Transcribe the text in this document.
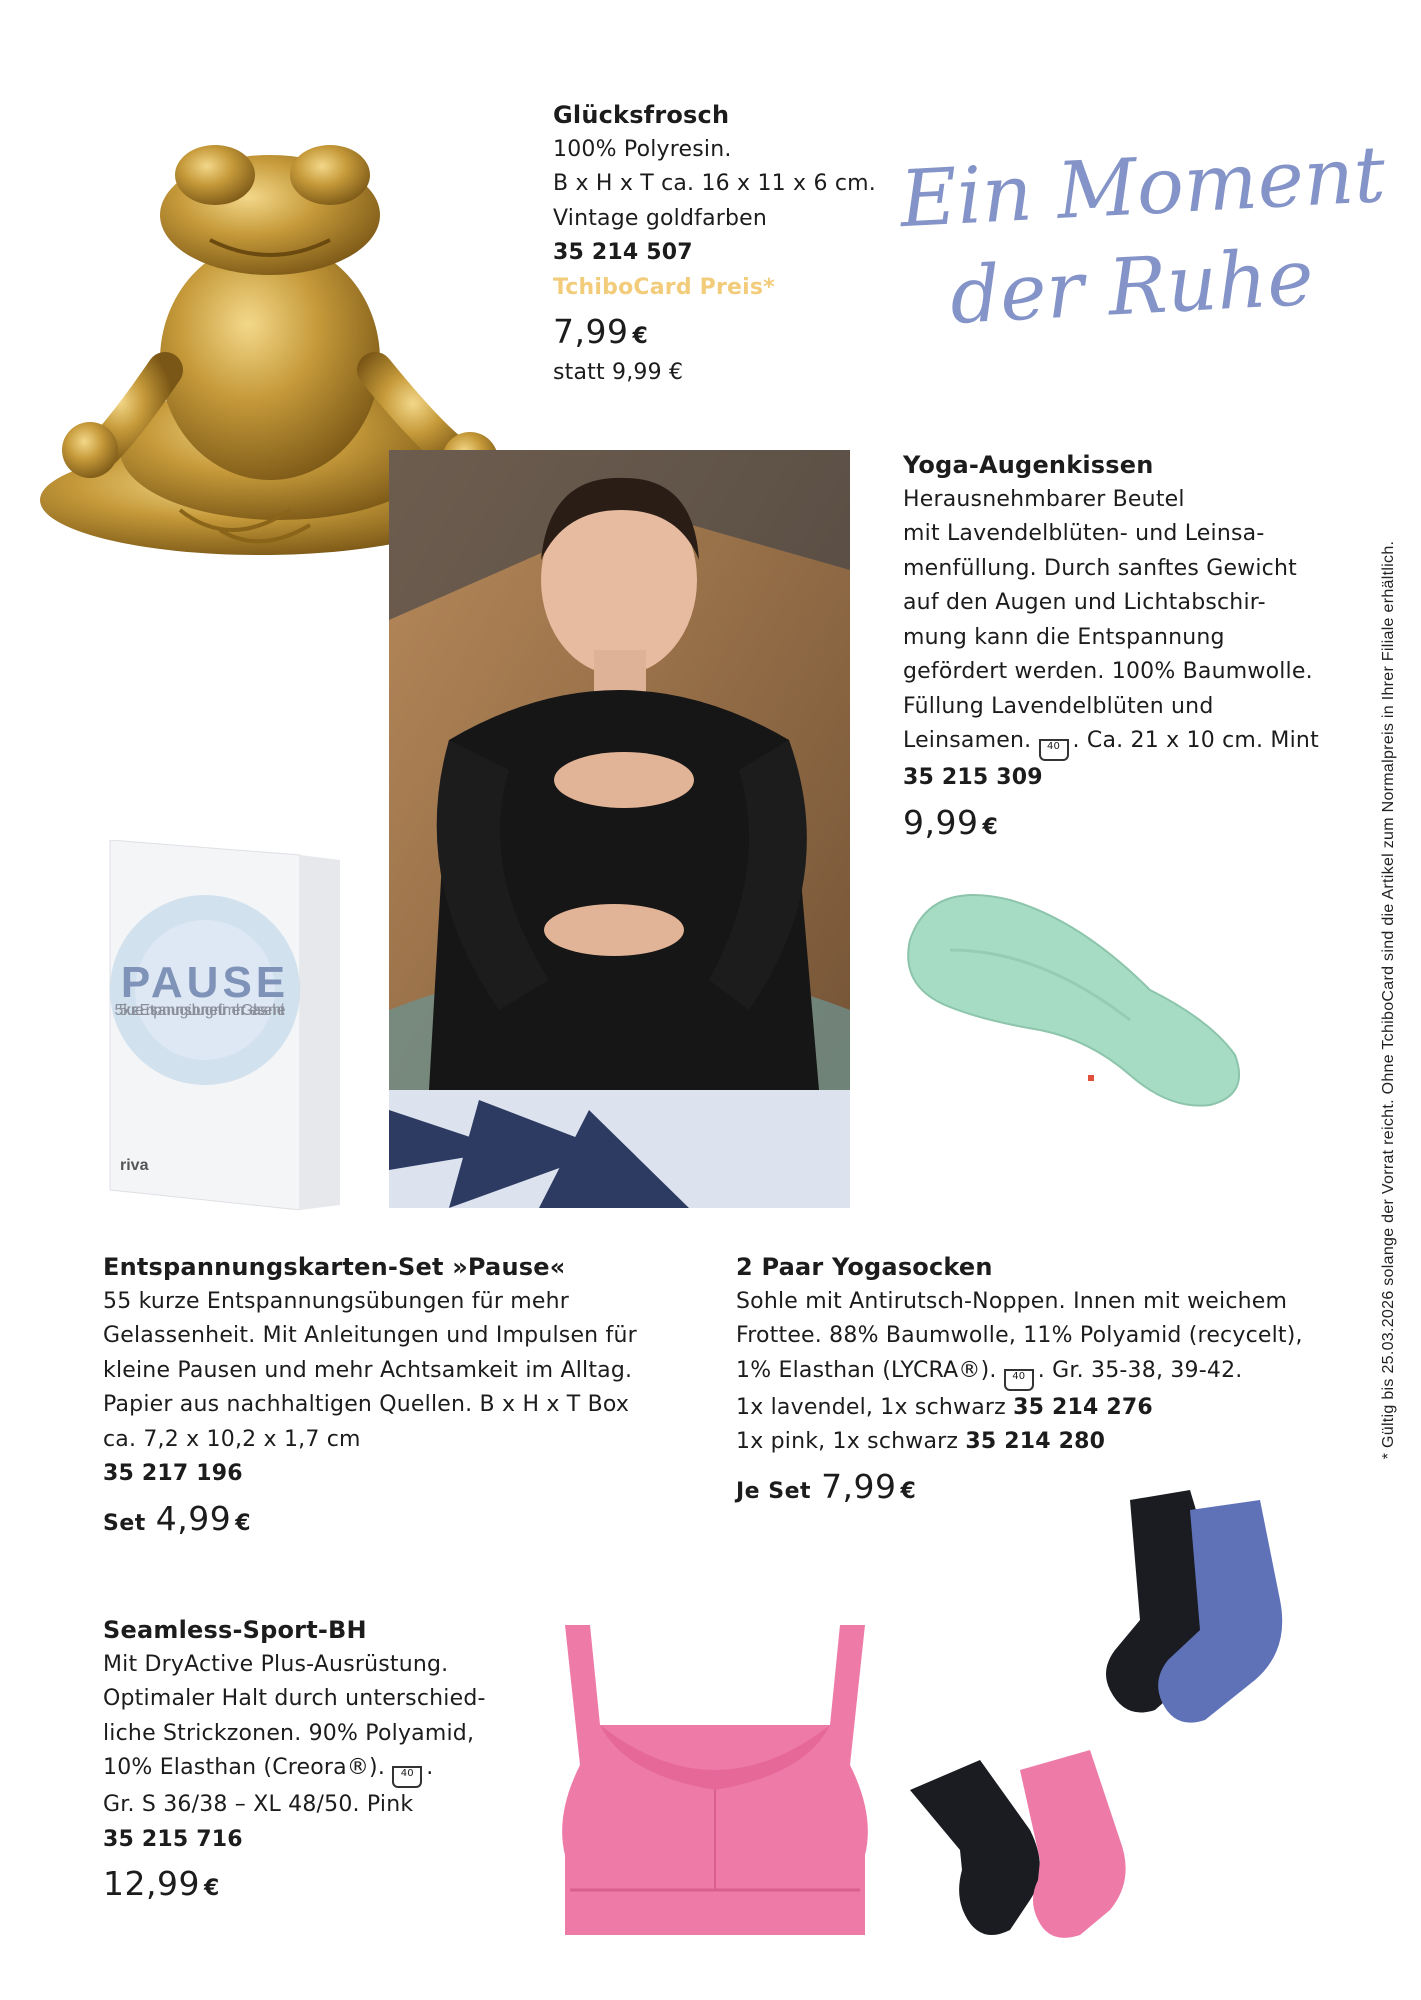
Glücksfrosch
100% Polyresin.
B x H x T ca. 16 x 11 x 6 cm.
Vintage goldfarben
35 214 507
TchiboCard Preis*
7,99 €
statt 9,99 €
Ein Moment
der Ruhe
Yoga-Augenkissen
Herausnehmbarer Beutel
mit Lavendelblüten- und Leinsa-
menfüllung. Durch sanftes Gewicht
auf den Augen und Lichtabschir-
mung kann die Entspannung
gefördert werden. 100% Baumwolle.
Füllung Lavendelblüten und
Leinsamen. 40 . Ca. 21 x 10 cm. Mint
35 215 309
9,99 €
55 kurze Entspannungsübungen für mehr Gelassenheit
riva
PAUSE
Entspannungskarten-Set »Pause«
55 kurze Entspannungsübungen für mehr
Gelassenheit. Mit Anleitungen und Impulsen für
kleine Pausen und mehr Achtsamkeit im Alltag.
Papier aus nachhaltigen Quellen. B x H x T Box
ca. 7,2 x 10,2 x 1,7 cm
35 217 196
Set 4,99 €
2 Paar Yogasocken
Sohle mit Antirutsch-Noppen. Innen mit weichem
Frottee. 88% Baumwolle, 11% Polyamid (recycelt),
1% Elasthan (LYCRA®). 40 . Gr. 35-38, 39-42.
1x lavendel, 1x schwarz 35 214 276
1x pink, 1x schwarz 35 214 280
Je Set 7,99 €
Seamless-Sport-BH
Mit DryActive Plus-Ausrüstung.
Optimaler Halt durch unterschied-
liche Strickzonen. 90% Polyamid,
10% Elasthan (Creora®). 40 .
Gr. S 36/38 – XL 48/50. Pink
35 215 716
12,99 €
* Gültig bis 25.03.2026 solange der Vorrat reicht. Ohne TchiboCard sind die Artikel zum Normalpreis in Ihrer Filiale erhältlich.
